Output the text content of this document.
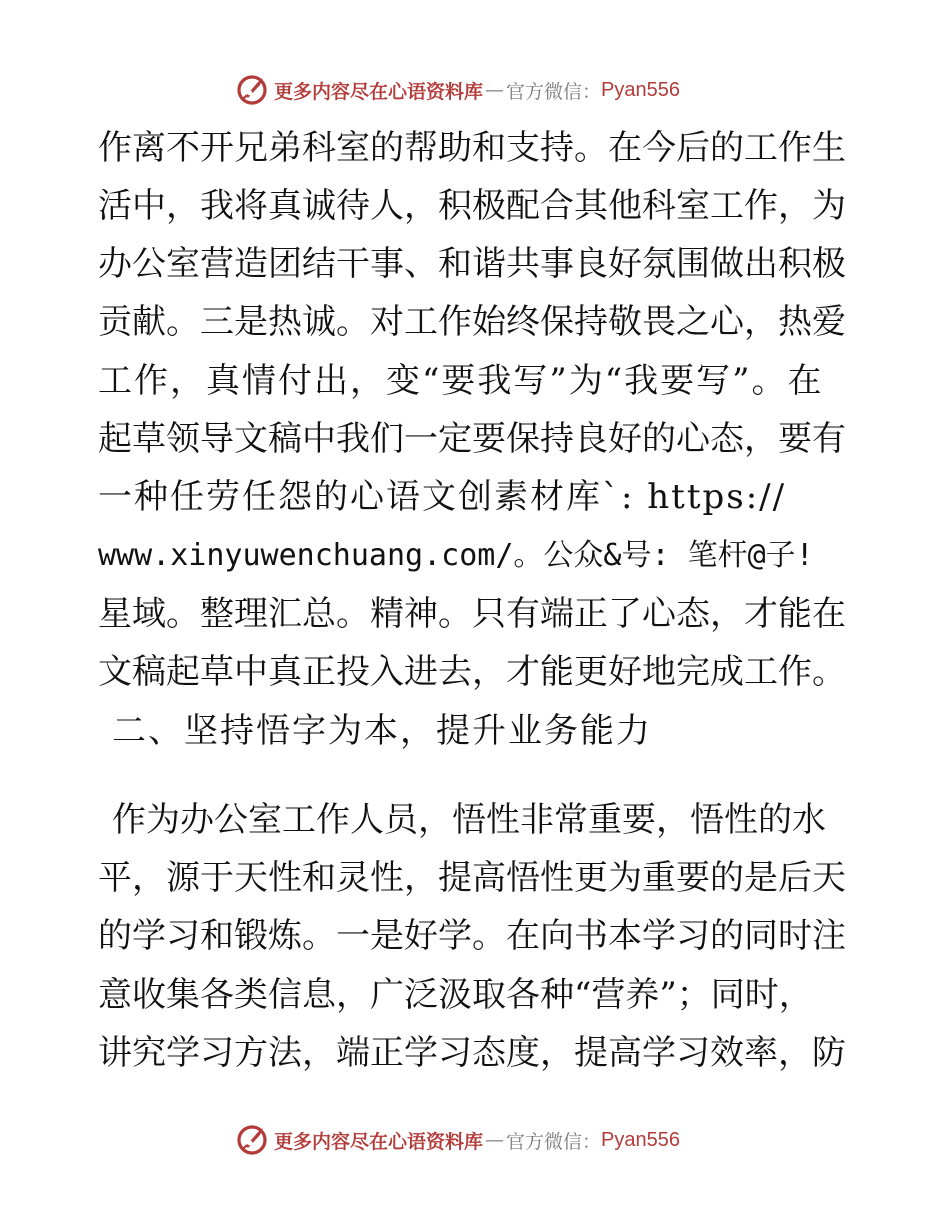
更多内容尽在心语资料库 — 官方微信： Pyan556

作离不开兄弟科室的帮助和支持。在今后的工作生

活中，我将真诚待人，积极配合其他科室工作，为

办公室营造团结干事、和谐共事良好氛围做出积极

贡献。三是热诚。对工作始终保持敬畏之心，热爱

工作，真情付出，变“要我写”为“我要写”。在

起草领导文稿中我们一定要保持良好的心态，要有

一种任劳任怨的心语文创素材库`: https://

www.xinyuwenchuang.com/。公众&号: 笔杆@子!

星域。整理汇总。精神。只有端正了心态，才能在

文稿起草中真正投入进去，才能更好地完成工作。

二、坚持悟字为本，提升业务能力

作为办公室工作人员，悟性非常重要，悟性的水

平，源于天性和灵性，提高悟性更为重要的是后天

的学习和锻炼。一是好学。在向书本学习的同时注

意收集各类信息，广泛汲取各种“营养”；同时，

讲究学习方法，端正学习态度，提高学习效率，防

更多内容尽在心语资料库 — 官方微信： Pyan556
